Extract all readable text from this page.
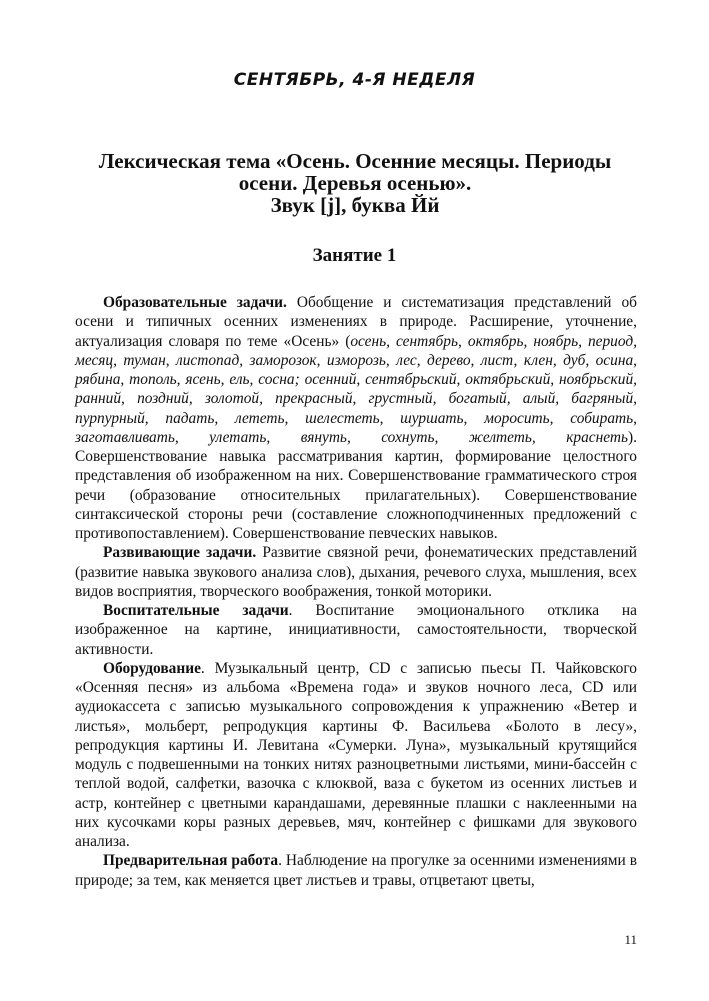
СЕНТЯБРЬ, 4-Я НЕДЕЛЯ
Лексическая тема «Осень. Осенние месяцы. Периоды
осени. Деревья осенью».
Звук [j], буква Йй
Занятие 1

Образовательные задачи. Обобщение и систематизация представлений об осени и типичных осенних изменениях в природе. Расширение, уточнение, актуализация словаря по теме «Осень» (осень, сентябрь, октябрь, ноябрь, период, месяц, туман, листопад, заморозок, изморозь, лес, дерево, лист, клен, дуб, осина, рябина, тополь, ясень, ель, сосна; осенний, сентябрьский, октябрьский, ноябрьский, ранний, поздний, золотой, прекрасный, грустный, богатый, алый, багряный, пурпурный, падать, лететь, шелестеть, шуршать, моросить, собирать, заготавливать, улетать, вянуть, сохнуть, желтеть, краснеть). Совершенствование навыка рассматривания картин, формирование целостного представления об изображенном на них. Совершенствование грамматического строя речи (образование относительных прилагательных). Совершенствование синтаксической стороны речи (составление сложноподчиненных предложений с противопоставлением). Совершенствование певческих навыков.

Развивающие задачи. Развитие связной речи, фонематических представлений (развитие навыка звукового анализа слов), дыхания, речевого слуха, мышления, всех видов восприятия, творческого воображения, тонкой моторики.

Воспитательные задачи. Воспитание эмоционального отклика на изображенное на картине, инициативности, самостоятельности, творческой активности.

Оборудование. Музыкальный центр, CD с записью пьесы П. Чайковского «Осенняя песня» из альбома «Времена года» и звуков ночного леса, CD или аудиокассета с записью музыкального сопровождения к упражнению «Ветер и листья», мольберт, репродукция картины Ф. Васильева «Болото в лесу», репродукция картины И. Левитана «Сумерки. Луна», музыкальный крутящийся модуль с подвешенными на тонких нитях разноцветными листьями, мини-бассейн с теплой водой, салфетки, вазочка с клюквой, ваза с букетом из осенних листьев и астр, контейнер с цветными карандашами, деревянные плашки с наклеенными на них кусочками коры разных деревьев, мяч, контейнер с фишками для звукового анализа.

Предварительная работа. Наблюдение на прогулке за осенними изменениями в природе; за тем, как меняется цвет листьев и травы, отцветают цветы,

11
